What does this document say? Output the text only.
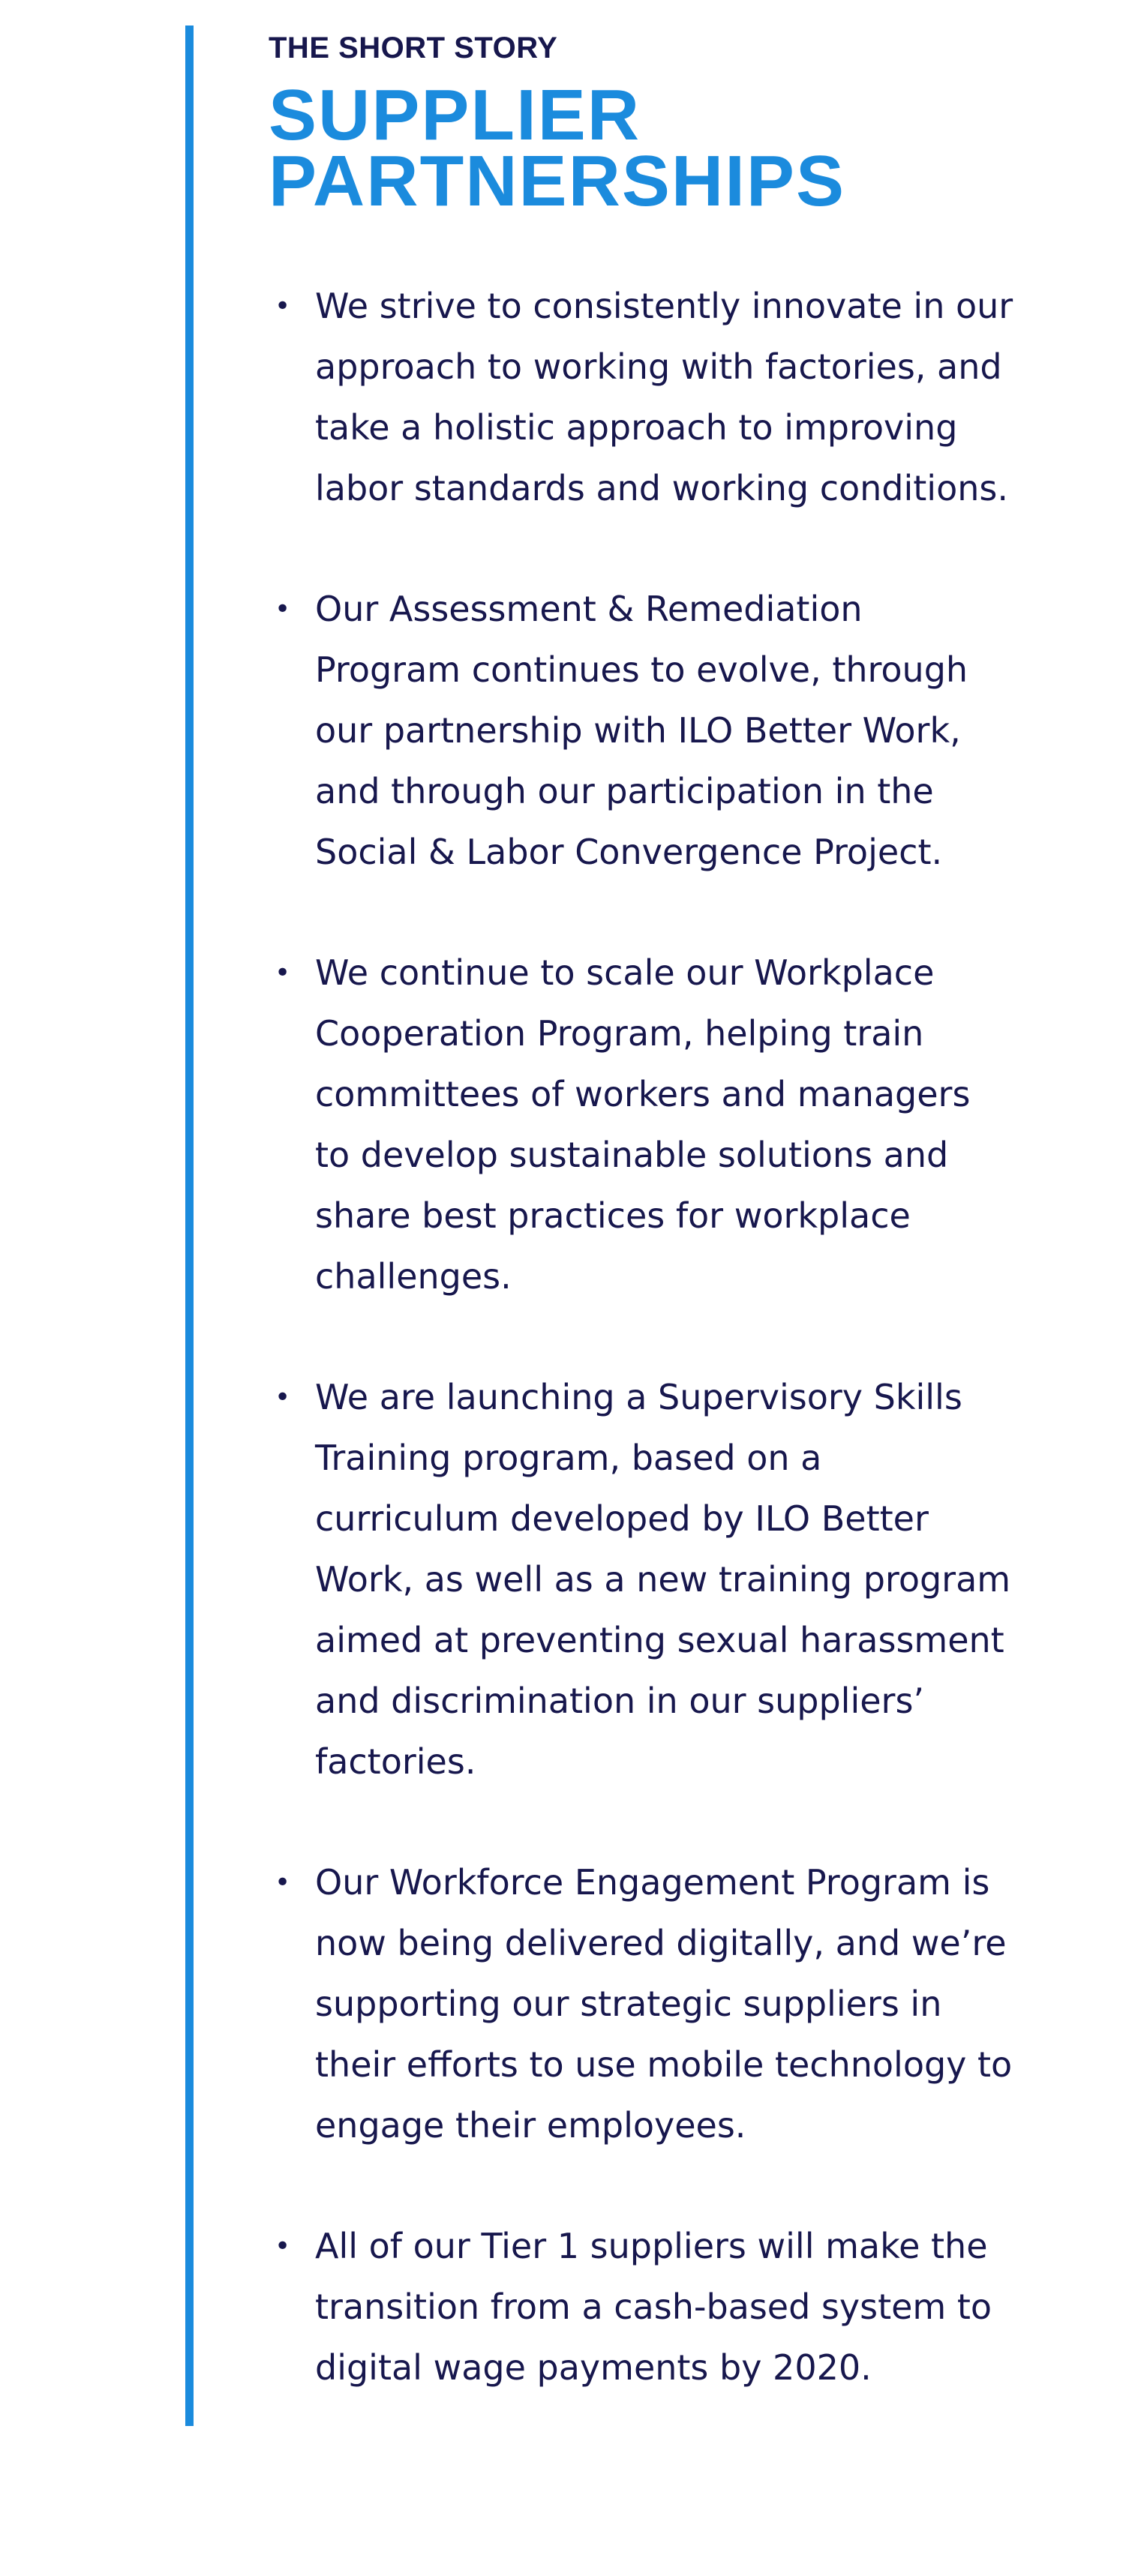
THE SHORT STORY

SUPPLIER
PARTNERSHIPS
• We strive to consistently innovate in our
approach to working with factories, and
take a holistic approach to improving
labor standards and working conditions.
• Our Assessment & Remediation
Program continues to evolve, through
our partnership with ILO Better Work,
and through our participation in the
Social & Labor Convergence Project.
• We continue to scale our Workplace
Cooperation Program, helping train
committees of workers and managers
to develop sustainable solutions and
share best practices for workplace
challenges.
• We are launching a Supervisory Skills
Training program, based on a
curriculum developed by ILO Better
Work, as well as a new training program
aimed at preventing sexual harassment
and discrimination in our suppliers’
factories.
• Our Workforce Engagement Program is
now being delivered digitally, and we’re
supporting our strategic suppliers in
their efforts to use mobile technology to
engage their employees.
• All of our Tier 1 suppliers will make the
transition from a cash-based system to
digital wage payments by 2020.
